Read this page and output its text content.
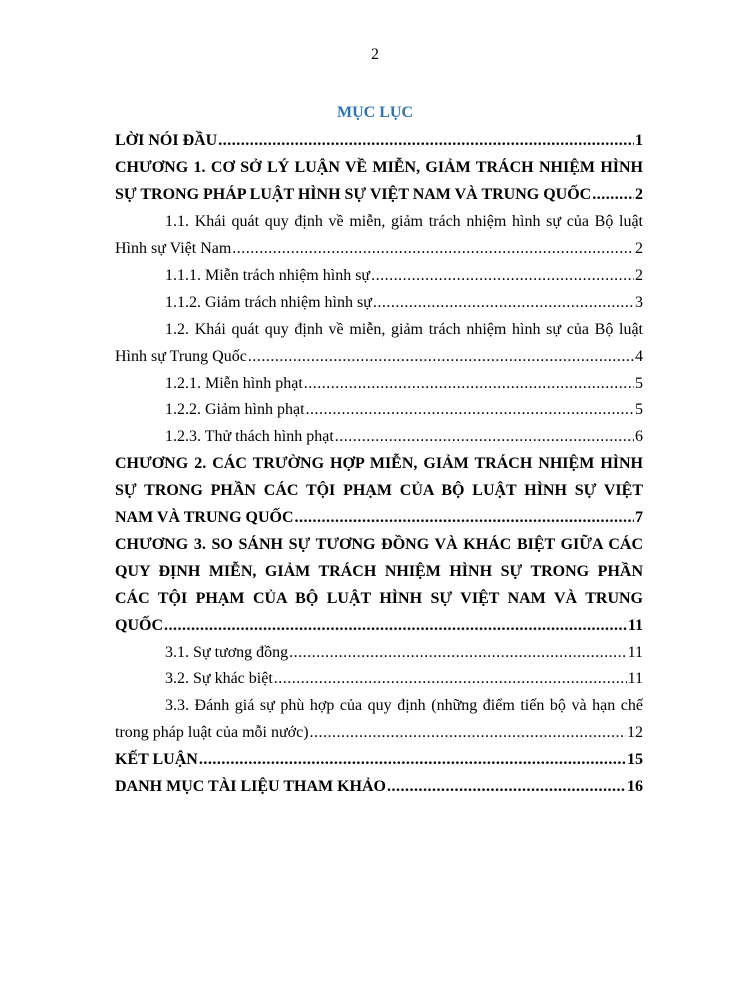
2
MỤC LỤC
LỜI NÓI ĐẦU .....	1
CHƯƠNG 1. CƠ SỞ LÝ LUẬN VỀ MIỄN, GIẢM TRÁCH NHIỆM HÌNH
SỰ TRONG PHÁP LUẬT HÌNH SỰ VIỆT NAM VÀ TRUNG QUỐC .....	2
1.1. Khái quát quy định về miễn, giảm trách nhiệm hình sự của Bộ luật
Hình sự Việt Nam .....	2
1.1.1. Miễn trách nhiệm hình sự .....	2
1.1.2. Giảm trách nhiệm hình sự .....	3
1.2. Khái quát quy định về miễn, giảm trách nhiệm hình sự của Bộ luật
Hình sự Trung Quốc .....	4
1.2.1. Miễn hình phạt .....	5
1.2.2. Giảm hình phạt .....	5
1.2.3. Thử thách hình phạt .....	6
CHƯƠNG 2. CÁC TRƯỜNG HỢP MIỄN, GIẢM TRÁCH NHIỆM HÌNH
SỰ TRONG PHẦN CÁC TỘI PHẠM CỦA BỘ LUẬT HÌNH SỰ VIỆT
NAM VÀ TRUNG QUỐC .....	7
CHƯƠNG 3. SO SÁNH SỰ TƯƠNG ĐỒNG VÀ KHÁC BIỆT GIỮA CÁC
QUY ĐỊNH MIỄN, GIẢM TRÁCH NHIỆM HÌNH SỰ TRONG PHẦN
CÁC TỘI PHẠM CỦA BỘ LUẬT HÌNH SỰ VIỆT NAM VÀ TRUNG
QUỐC .....	11
3.1. Sự tương đồng .....	11
3.2. Sự khác biệt .....	11
3.3. Đánh giá sự phù hợp của quy định (những điểm tiến bộ và hạn chế
trong pháp luật của mỗi nước) .....	12
KẾT LUẬN .....	15
DANH MỤC TÀI LIỆU THAM KHẢO .....	16
